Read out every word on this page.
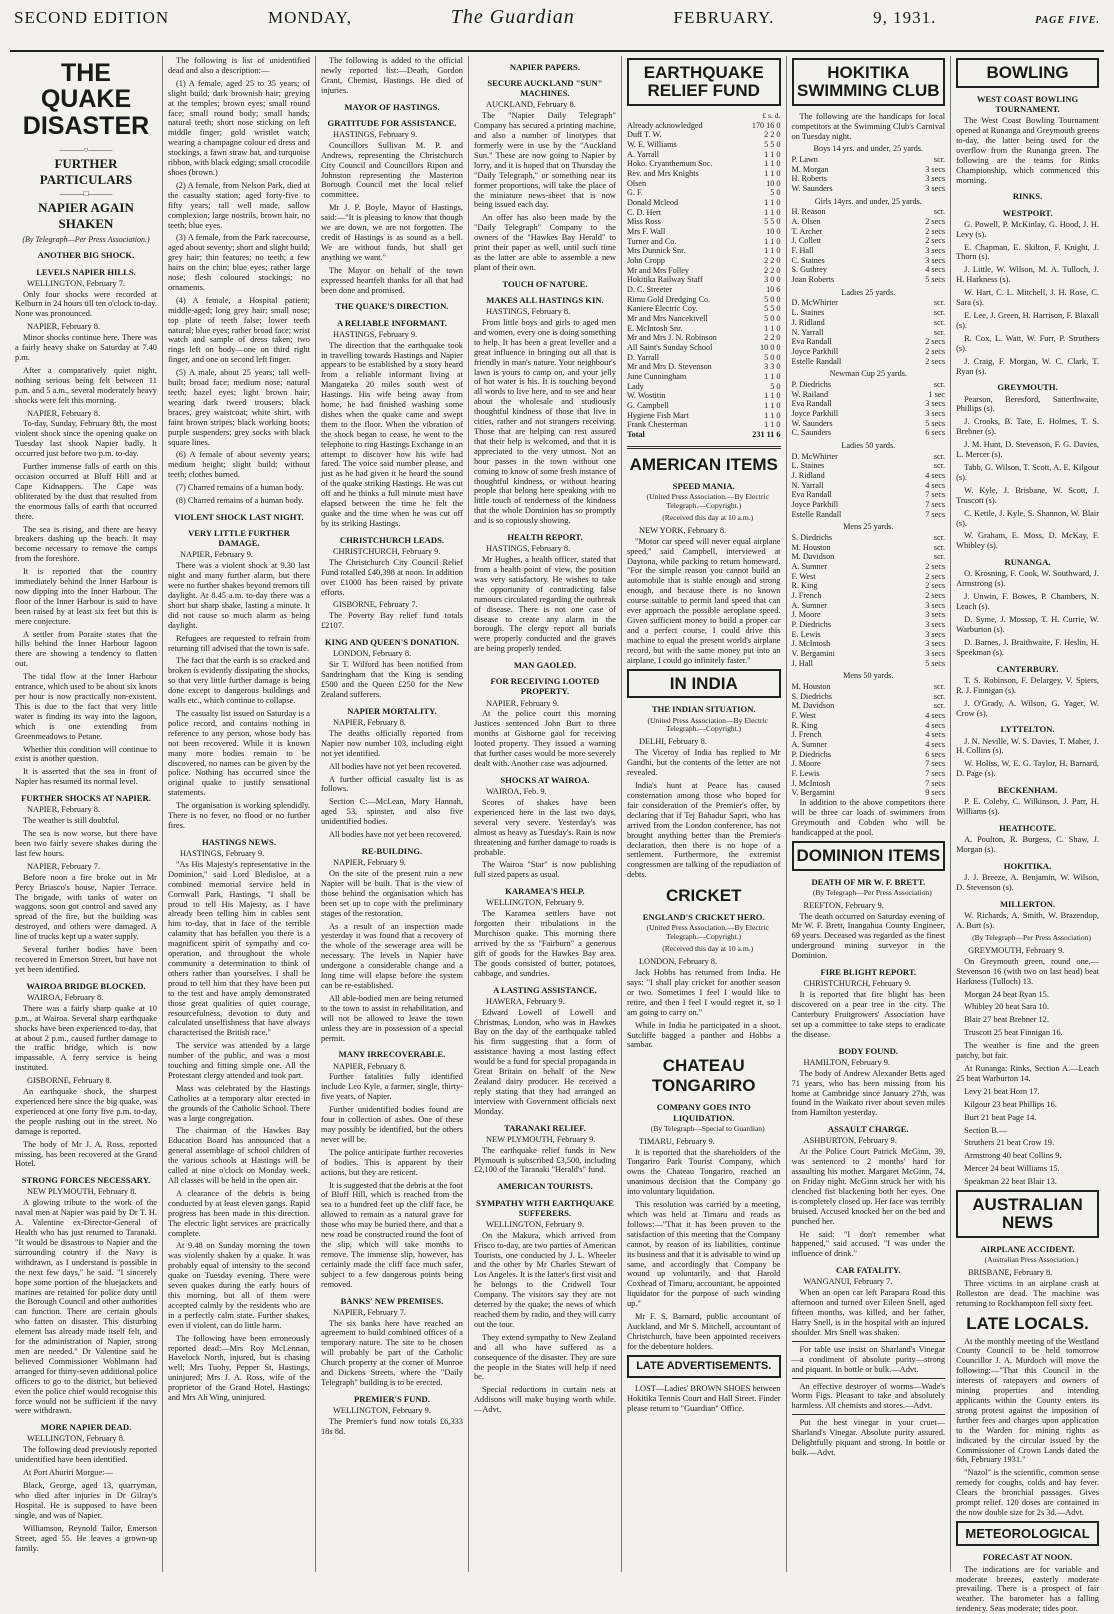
SECOND EDITION	MONDAY,	The Guardian	FEBRUARY.	9, 1931.	PAGE FIVE.
THE QUAKE DISASTER
———○———
FURTHER PARTICULARS
———□———
NAPIER AGAIN SHAKEN
(By Telegraph—Per Press Association.)
ANOTHER BIG SHOCK.
LEVELS NAPIER HILLS.

WELLINGTON, February 7.

Only four shocks were recorded at Kelburn in 24 hours till ten o'clock to-day. None was pronounced.

NAPIER, February 8.

Minor shocks continue here. There was a fairly heavy shake on Saturday at 7.40 p.m.

After a comparatively quiet night, nothing serious being felt between 11 p.m. and 5 a.m., several moderately heavy shocks were felt this morning.

NAPIER, February 8.

To-day, Sunday, February 8th, the most violent shock since the opening quake on Tuesday last shook Napier badly. It occurred just before two p.m. to-day.

Further immense falls of earth on this occasion occurred at Bluff Hill and at Cape Kidnappers. The Cape was obliterated by the dust that resulted from the enormous falls of earth that occurred there.

The sea is rising, and there are heavy breakers dashing up the beach. It may become necessary to remove the camps from the foreshore.

It is reported that the country immediately behind the Inner Harbour is now dipping into the Inner Harbour. The floor of the Inner Harbour is said to have been raised by at least six feet but this is mere conjecture.

A settler from Poraite states that the hills behind the Inner Harbour lagoon there are showing a tendency to flatten out.

The tidal flow at the Inner Harbour entrance, which used to be about six knots per hour is now practically non-existent. This is due to the fact that very little water is finding its way into the lagoon, which is one extending from Greenmeadows to Petane.

Whether this condition will continue to exist is another question.

It is asserted that the sea in front of Napier has resumed its normal level.

FURTHER SHOCKS AT NAPIER.

NAPIER, February 8.

The weather is still doubtful.

The sea is now worse, but there have been two fairly severe shakes during the last few hours.

NAPIER, February 7.

Before noon a fire broke out in Mr Percy Briasco's house, Napier Terrace. The brigade, with tanks of water on waggons, soon got control and saved any spread of the fire, but the building was destroyed, and others were damaged. A line of trucks kept up a water supply.

Several further bodies have been recovered in Emerson Street, but have not yet been identified.

WAIROA BRIDGE BLOCKED.

WAIROA, February 8.

There was a fairly sharp quake at 10 p.m., at Wairoa. Several sharp earthquake shocks have been experienced to-day, that at about 2 p.m., caused further damage to the traffic bridge, which is now impassable. A ferry service is being instituted.

GISBORNE, February 8.

An earthquake shock, the sharpest experienced here since the big quake, was experienced at one forty five p.m. to-day, the people rushing out in the street. No damage is reported.

The body of Mr J. A. Ross, reported missing, has been recovered at the Grand Hotel.

STRONG FORCES NECESSARY.

NEW PLYMOUTH, February 8.

A glowing tribute to the work of the naval men at Napier was paid by Dr T. H. A. Valentine ex-Director-General of Health who has just returned to Taranaki. "It would be disastrous to Napier and the surrounding country if the Navy is withdrawn, as I understand is possible in the next few days," he said. "I sincerely hope some portion of the bluejackets and marines are retained for police duty until the Borough Council and other authorities can function. There are certain ghouls who fatten on disaster. This disturbing element has already made itself felt, and for the administration of Napier, strong men are needed." Dr Valentine said he believed Commissioner Wohlmann had arranged for thirty-seven additional police officers to go to the district, but believed even the police chief would recognise this force would not be sufficient if the navy were withdrawn.

MORE NAPIER DEAD.

WELLINGTON, February 8.

The following dead previously reported unidentified have been identified.

At Port Ahuriri Morgue:—

Black, George, aged 13, quarryman, who died after injuries in Dr Gilray's Hospital. He is supposed to have been single, and was of Napier.

Williamson, Reynold Tailor, Emerson Street, aged 55. He leaves a grown-up family.

The following is list of unidentified dead and also a description:—

(1) A female, aged 25 to 35 years; of slight build; dark brownish hair; greying at the temples; brown eyes; small round face; small round body; small hands; natural teeth; short nose sticking on left middle finger; gold wristlet watch; wearing a champagne colour ed dress and stockings, a fawn straw hat, and turquoise ribbon, with black edging; small crocodile shoes (brown.)

(2) A female, from Nelson Park, died at the casualty station; aged forty-five to fifty years; tall well made, sallow complexion; large nostrils, brown hair, no teeth; blue eyes.

(3) A female, from the Park racecourse, aged about seventy; short and slight build; grey hair; thin features; no teeth; a few hairs on the chin; blue eyes; rather large nose; flesh coloured stockings; no ornaments.

(4) A female, a Hospital patient; middle-aged; long grey hair; small nose; top plate of teeth false; lower teeth natural; blue eyes; rather broad face; wrist watch and sample of dress taken; two rings left on body—one on third right finger, and one on second left finger.

(5) A male, about 25 years; tall well-built; broad face; medium nose; natural teeth; hazel eyes; light brown hair; wearing dark tweed trousers; black braces, grey waistcoat; white shirt, with faint brown stripes; black working boots; purple suspenders; grey socks with black square lines.

(6) A female of about seventy years; medium height; slight build; without teeth; clothes burned.

(7) Charred remains of a human body.

(8) Charred remains of a human body.

VIOLENT SHOCK LAST NIGHT.
VERY LITTLE FURTHER DAMAGE.

NAPIER, February 9.

There was a violent shock at 9.30 last night and many further alarm, but there were no further shakes beyond tremors till daylight. At 8.45 a.m. to-day there was a short but sharp shake, lasting a minute. It did not cause so much alarm as being daylight.

Refugees are requested to refrain from returning till advised that the town is safe.

The fact that the earth is so cracked and broken is evidently dissipating the shocks, so that very little further damage is being done except to dangerous buildings and walls etc., which continue to collapse.

The casualty list issued on Saturday is a police record, and contains nothing in reference to any person, whose body has not been recovered. While it is known many more bodies remain to be discovered, no names can be given by the police. Nothing has occurred since the original quake to justify sensational statements.

The organisation is working splendidly. There is no fever, no flood or no further fires.

HASTINGS NEWS.

HASTINGS, February 9.

"As His Majesty's representative in the Dominion," said Lord Bledisloe, at a combined memorial service held in Cornwall Park, Hastings, "I shall be proud to tell His Majesty, as I have already been telling him in cables sent him to-day, that in face of the terrible calamity that has befallen you there is a magnificent spirit of sympathy and co-operation, and throughout the whole community a determination to think of others rather than yourselves. I shall be proud to tell him that they have been put to the test and have amply demonstrated those great qualities of quiet courage, resourcefulness, devotion to duty and calculated unselfishness that have always characterised the British race."

The service was attended by a large number of the public, and was a most touching and fitting simple one. All the Protestant clergy attended and took part.

Mass was celebrated by the Hastings Catholics at a temporary altar erected in the grounds of the Catholic School. There was a large congregation.

The chairman of the Hawkes Bay Education Board has announced that a general assemblage of school children of the various schools at Hastings will be called at nine o'clock on Monday week. All classes will be held in the open air.

A clearance of the debris is being conducted by at least eleven gangs. Rapid progress has been made in this direction. The electric light services are practically complete.

At 9.48 on Sunday morning the town was violently shaken by a quake. It was probably equal of intensity to the second quake on Tuesday evening. There were seven quakes during the early hours of this morning, but all of them were accepted calmly by the residents who are in a perfectly calm state. Further shakes, even if violent, can do little harm.

The following have been erroneously reported dead:—Mrs Roy McLennan, Havelock North, injured, but is chasing well; Mrs Tuohy, Pepper St, Hastings, uninjured; Mrs J. A. Ross, wife of the proprietor of the Grand Hotel, Hastings; and Mrs Ah Wing, uninjured.

The following is added to the official newly reported list:—Death, Gordon Grant, Chemist, Hastings. He died of injuries.

MAYOR OF HASTINGS.
GRATITUDE FOR ASSISTANCE.

HASTINGS, February 9.

Councillors Sullivan M. P. and Andrews, representing the Christchurch City Council and Councillors Ripon and Johnston representing the Masterton Borough Council met the local relief committee.

Mr J. P. Boyle, Mayor of Hastings, said:—"It is pleasing to know that though we are down, we are not forgotten. The credit of Hastings is as sound as a bell. We are without funds, but shall get anything we want."

The Mayor on behalf of the town expressed heartfelt thanks for all that had been done and promised.

THE QUAKE'S DIRECTION.
A RELIABLE INFORMANT.

HASTINGS, February 9.

The direction that the earthquake took in travelling towards Hastings and Napier appears to be established by a story heard from a reliable informant living at Mangateka 20 miles south west of Hastings. His wife being away from home, he had finished washing some dishes when the quake came and swept them to the floor. When the vibration of the shock began to cease, he went to the telephone to ring Hastings Exchange in an attempt to discover how his wife had fared. The voice said number please, and just as he had given it he heard the sound of the quake striking Hastings. He was cut off and he thinks a full minute must have elapsed between the time he felt the quake and the time when he was cut off by its striking Hastings.

CHRISTCHURCH LEADS.

CHRISTCHURCH, February 9.

The Christchurch City Council Relief Fund totalled £40,398 at noon. In addition over £1000 has been raised by private efforts.

GISBORNE, February 7.

The Poverty Bay relief fund totals £2107.

KING AND QUEEN'S DONATION.

LONDON, February 8.

Sir T. Wilford has been notified from Sandringham that the King is sending £500 and the Queen £250 for the New Zealand sufferers.

NAPIER MORTALITY.

NAPIER, February 8.

The deaths officially reported from Napier now number 103, including eight not yet identified.

All bodies have not yet been recovered.

A further official casualty list is as follows.

Section C:—McLean, Mary Hannah, aged 53, spinster, and also five unidentified bodies.

All bodies have not yet been recovered.

RE-BUILDING.

NAPIER, February 9.

On the site of the present ruin a new Napier will be built. That is the view of those behind the organisation which has been set up to cope with the preliminary stages of the restoration.

As a result of an inspection made yesterday it was found that a recovery of the whole of the sewerage area will be necessary. The levels in Napier have undergone a considerable change and a long time will elapse before the system can be re-established.

All able-bodied men are being returned to the town to assist in rehabilitation, and will not be allowed to leave the town unless they are in possession of a special permit.

MANY IRRECOVERABLE.

NAPIER, February 8.

Further fatalities fully identified include Leo Kyle, a farmer, single, thirty-five years, of Napier.

Further unidentified bodies found are four in collection of ashes. One of these may possibly be identified, but the others never will be.

The police anticipate further recoveries of bodies. This is apparent by their actions, but they are reticent.

It is suggested that the debris at the foot of Bluff Hill, which is reached from the sea to a hundred feet up the cliff face, be allowed to remain as a natural grave for those who may be buried there, and that a new road be constructed round the foot of the slip, which will take months to remove. The immense slip, however, has certainly made the cliff face much safer, subject to a few dangerous points being removed.

BANKS' NEW PREMISES.

NAPIER, February 7.

The six banks here have reached an agreement to build combined offices of a temporary nature. The site to be chosen will probably be part of the Catholic Church property at the corner of Munroe and Dickens Streets, where the "Daily Telegraph" building is to be erected.

PREMIER'S FUND.

WELLINGTON, February 9.

The Premier's fund now totals £6,333 18s 8d.

NAPIER PAPERS.
SECURE AUCKLAND "SUN" MACHINES.

AUCKLAND, February 8.

The "Napier Daily Telegraph" Company has secured a printing machine, and also a number of linotypes that formerly were in use by the "Auckland Sun." These are now going to Napier by lorry, and it is hoped that on Thursday the "Daily Telegraph," or something near its former proportions, will take the place of the miniature news-sheet that is now being issued each day.

An offer has also been made by the "Daily Telegraph" Company to the owners of the "Hawkes Bay Herald" to print their paper as well, until such time as the latter are able to assemble a new plant of their own.

TOUCH OF NATURE.
MAKES ALL HASTINGS KIN.

HASTINGS, February 8.

From little boys and girls to aged men and women, every one is doing something to help. It has been a great leveller and a great influence in bringing out all that is friendly in man's nature. Your neighbour's lawn is yours to camp on, and your jelly of hot water is his. It is touching beyond all words to live here, and to see and hear about the wholesale and studiously thoughtful kindness of those that live in cities, rather and not strangers receiving. Those that are helping can rest assured that their help is welcomed, and that it is appreciated to the very utmost. Not an hour passes in the town without one coming to know of some fresh instance of thoughtful kindness, or without hearing people that belong here speaking with no little touch of tenderness of the kindness that the whole Dominion has so promptly and is so copiously showing.

HEALTH REPORT.

HASTINGS, February 8.

Mr Hughes, a health officer, stated that from a health point of view, the position was very satisfactory. He wishes to take the opportunity of contradicting false rumours circulated regarding the outbreak of disease. There is not one case of disease to create any alarm in the borough. The clergy report all burials were properly conducted and the graves are being properly tended.

MAN GAOLED.
FOR RECEIVING LOOTED PROPERTY.

NAPIER, February 9.

At the police court this morning Justices sentenced John Burt to three months at Gisborne gaol for receiving looted property. They issued a warning that further cases would be more severely dealt with. Another case was adjourned.

SHOCKS AT WAIROA.

WAIROA, Feb. 9.

Scores of shakes have been experienced here in the last two days, several very severe. Yesterday's was almost as heavy as Tuesday's. Rain is now threatening and further damage to roads is probable.

The Wairoa "Star" is now publishing full sized papers as usual.

KARAMEA'S HELP.

WELLINGTON, February 9.

The Karamea settlers have not forgotten their tribulations in the Murchison quake. This morning there arrived by the ss "Fairburn" a generous gift of goods for the Hawkes Bay area. The goods consisted of butter, potatoes, cabbage, and sundries.

A LASTING ASSISTANCE.

HAWERA, February 9.

Edward Lowell of Lowell and Christmas, London, who was in Hawkes Bay on the day of the earthquake tabled his firm suggesting that a form of assistance having a most lasting effect would be a fund for special propaganda in Great Britain on behalf of the New Zealand dairy producer. He received a reply stating that they had arranged an interview with Government officials next Monday.

TARANAKI RELIEF.

NEW PLYMOUTH, February 9.

The earthquake relief funds in New Plymouth is subscribed £3,500, including £2,100 of the Taranaki "Herald's" fund.

AMERICAN TOURISTS.
SYMPATHY WITH EARTHQUAKE SUFFERERS.

WELLINGTON, February 9.

On the Makura, which arrived from Frisco to-day, are two parties of American Tourists, one conducted by J. L. Wheeler and the other by Mr Charles Stewart of Los Angeles. It is the latter's first visit and he belongs to the Cridwell Tour Company. The visitors say they are not deterred by the quake; the news of which reached them by radio, and they will carry out the tour.

They extend sympathy to New Zealand and all who have suffered as a consequence of the disaster. They are sure the people in the States will help if need be.

Special reductions in curtain nets at Addisons will make buying worth while.—Advt.

EARTHQUAKE RELIEF FUND
£ s. d.
Already acknowledged	170 16 0
Duff T. W.	2 2 0
W. E. Williams	5 5 0
A. Yarrall	1 1 0
Hoko. Cryanthemum Soc.	1 1 0
Rev. and Mrs Knights	1 1 0
Olsen	10 0
G. F.	5 0
Donald Mcleod	1 1 0
C. D. Hert	1 1 0
Miss Ross	5 5 0
Mrs F. Wall	10 0
Turner and Co.	1 1 0
Mrs Dunnick Snr.	1 1 0
John Cropp	2 2 0
Mr and Mrs Folley	2 2 0
Hokitika Railway Staff	3 0 0
D. C. Streeter	10 6
Rimu Gold Dredging Co.	5 0 0
Kaniere Electric Coy.	5 5 0
Mr and Mrs Nancekivell	5 0 0
E. McIntosh Snr.	1 1 0
Mr and Mrs J. N. Robinson	2 2 0
All Saint's Sunday School	10 0 0
D. Yarrall	5 0 0
Mr and Mrs D. Stevenson	3 3 0
June Cunningham	1 1 0
Lady	5 0
W. Wostitin	1 1 0
G. Campbell	1 1 0
Hygiene Fish Mart	1 1 0
Frank Chesterman	1 1 0
Total	231 11 6
AMERICAN ITEMS
SPEED MANIA.

(United Press Association.—By Electric Telegraph.—Copyright.)

(Received this day at 10 a.m.)

NEW YORK, February 8.

"Motor car speed will never equal airplane speed," said Campbell, interviewed at Daytona, while packing to return homeward. "For the simple reason you cannot build an automobile that is stable enough and strong enough, and because there is no known course suitable to permit land speed that can ever approach the possible aeroplane speed. Given sufficient money to build a proper car and a perfect course, I could drive this machine to equal the present world's airplane record, but with the same money put into an airplane, I could go infinitely faster."

IN INDIA
THE INDIAN SITUATION.

(United Press Association—By Electric Telegraph.—Copyright.)

DELHI, February 8.

The Viceroy of India has replied to Mr Gandhi, but the contents of the letter are not revealed.

India's hunt at Peace has caused consternation among those who hoped for fair consideration of the Premier's offer, by declaring that if Tej Bahadur Sapri, who has arrived from the London conference, has not brought anything better than the Premier's declaration, then there is no hope of a settlement. Furthermore, the extremist congressmen are talking of the repudiation of debts.

CRICKET
ENGLAND'S CRICKET HERO.

(United Press Association.—By Electric Telegraph.—Copyright.)

(Received this day at 10 a.m.)

LONDON, February 8.

Jack Hobbs has returned from India. He says: "I shall play cricket for another season or two. Sometimes I feel I would like to retire, and then I feel I would regret it, so I am going to carry on."

While in India he participated in a shoot. Sutcliffe bagged a panther and Hobbs a sambar.

CHATEAU TONGARIRO
COMPANY GOES INTO LIQUIDATION.

(By Telegraph—Special to Guardian)

TIMARU, February 9.

It is reported that the shareholders of the Tongariro Park Tourist Company, which owns the Chateau Tongariro, reached an unanimous decision that the Company go into voluntary liquidation.

This resolution was carried by a meeting, which was held at Timaru and reads as follows:—"That it has been proven to the satisfaction of this meeting that the Company cannot, by reason of its liabilities, continue its business and that it is advisable to wind up same, and accordingly that Company be wound up voluntarily, and that Harold Coxhead of Timaru, accountant, be appointed liquidator for the purpose of such winding up."

Mr F. S. Barnard, public accountant of Auckland, and Mr S. Mitchell, accountant of Christchurch, have been appointed receivers for the debenture holders.

LATE ADVERTISEMENTS.

LOST—Ladies' BROWN SHOES between Hokitika Tennis Court and Hall Street. Finder please return to "Guardian" Office.

HOKITIKA SWIMMING CLUB

The following are the handicaps for local competitors at the Swimming Club's Carnival on Tuesday night.

Boys 14 yrs. and under, 25 yards.
P. Lawn	scr.
M. Morgan	3 secs
H. Roberts	3 secs
W. Saunders	3 secs
Girls 14yrs. and under, 25 yards.
H. Reason	scr.
A. Olsen	2 secs
T. Archer	2 secs
J. Collett	2 secs
F. Hall	3 secs
C. Staines	3 secs
S. Guthrey	4 secs
Joan Roberts	5 secs
Ladies 25 yards.
D. McWhirter	scr.
L. Staines	scr.
J. Ridland	scr.
N. Yarrall	scr.
Eva Randall	2 secs
Joyce Parkhill	2 secs
Estelle Randall	2 secs
Newman Cup 25 yards.
P. Diedrichs	scr.
W. Railand	1 sec
Eva Randall	3 secs
Joyce Parkhill	3 secs
W. Saunders	5 secs
C. Saunders	6 secs
Ladies 50 yards.
D. McWhirter	scr.
L. Staines	scr.
J. Ridland	4 secs
N. Yarrall	4 secs
Eva Randall	7 secs
Joyce Parkhill	7 secs
Estelle Randall	7 secs
Mens 25 yards.
S. Diedrichs	scr.
M. Houston	scr.
M. Davidson	scr.
A. Sumner	2 secs
F. West	2 secs
R. King	2 secs
J. French	2 secs
A. Sumner	3 secs
J. Moore	3 secs
P. Diedrichs	3 secs
E. Lewis	3 secs
J. McIntosh	3 secs
V. Bergamini	3 secs
J. Hall	5 secs
Mens 50 yards.
M. Houston	scr.
S. Diedrichs	scr.
M. Davidson	scr.
F. West	4 secs
R. King	4 secs
J. French	4 secs
A. Sumner	4 secs
P. Diedrichs	6 secs
J. Moore	7 secs
F. Lewis	7 secs
J. McIntosh	7 secs
V. Bergamini	9 secs

In addition to the above competitors there will be three car loads of swimmers from Greymouth and Cobden who will be handicapped at the pool.

DOMINION ITEMS
DEATH OF MR W. F. BRETT.

(By Telegraph—Per Press Association)

REEFTON, February 9.

The death occurred on Saturday evening of Mr W. F. Brett, Inangahua County Engineer, 69 years. Deceased was regarded as the finest underground mining surveyor in the Dominion.

FIRE BLIGHT REPORT.

CHRISTCHURCH, February 9.

It is reported that fire blight has been discovered on a pear tree in the city. The Canterbury Fruitgrowers' Association have set up a committee to take steps to eradicate the disease.

BODY FOUND.

HAMILTON, February 9.

The body of Andrew Alexander Betts aged 71 years, who has been missing from his home at Cambridge since January 27th, was found in the Waikato river about seven miles from Hamilton yesterday.

ASSAULT CHARGE.

ASHBURTON, February 9.

At the Police Court Patrick McGinn, 39, was sentenced to 2 months' hard for assaulting his mother. Margaret McGinn, 74, on Friday night. McGinn struck her with his clenched fist blackening both her eyes. One is completely closed up. Her face was terribly bruised. Accused knocked her on the bed and punched her.

He said: "I don't remember what happened," said accused. "I was under the influence of drink."

CAR FATALITY.

WANGANUI, February 7.

When an open car left Parapara Road this afternoon and turned over Eileen Snell, aged fifteen months, was killed, and her father, Harry Snell, is in the hospital with an injured shoulder. Mrs Snell was shaken.

For table use insist on Sharland's Vinegar—a condiment of absolute purity—strong and piquant. In bottle or bulk.—Advt.

An effective destroyer of worms—Wade's Worm Figs. Pleasant to take and absolutely harmless. All chemists and stores.—Advt.

Put the best vinegar in your cruet—Sharland's Vinegar. Absolute purity assured. Delightfully piquant and strong. In bottle or bulk.—Advt.

BOWLING
WEST COAST BOWLING TOURNAMENT.

The West Coast Bowling Tournament opened at Runanga and Greymouth greens to-day, the latter being used for the overflow from the Runanga green. The following are the teams for Rinks Championship, which commenced this morning.

RINKS.
WESTPORT.

G. Powell, P. McKinlay, G. Hood, J. H. Levy (s).

E. Chapman, E. Skilton, F. Knight, J. Thorn (s).

J. Little, W. Wilson, M. A. Tulloch, J. H. Harkness (s).

W. Hart, C. L. Mitchell, J. H. Rose, C. Sara (s).

E. Lee, J. Green, H. Harrison, F. Blaxall (s).

R. Cox, L. Watt, W. Furr, P. Struthers (s).

J. Craig, F. Morgan, W. C. Clark, T. Ryan (s).

GREYMOUTH.

Pearson, Beresford, Satterthwaite, Phillips (s).

J. Crooks, B. Tate, E. Holmes, T. S. Brebner (s).

J. M. Hunt, D. Stevenson, F. G. Davies, L. Mercer (s).

Tabb, G. Wilson, T. Scott, A. E. Kilgour (s).

W. Kyle, J. Brisbane, W. Scott, J. Truscott (s).

C. Kettle, J. Kyle, S. Shannon, W. Blair (s).

W. Graham, E. Moss, D. McKay, F. Whibley (s).

RUNANGA.

O. Krosning, F. Cook, W. Southward, J. Armstrong (s).

J. Unwin, F. Bowes, P. Chambers, N. Leach (s).

D. Syme, J. Mossop, T. H. Currie, W. Warburton (s).

D. Barnes, J. Braithwaite, F. Heslin, H. Speekman (s).

CANTERBURY.

T. S. Robinson, F. Delargey, V. Spiers, R. J. Finnigan (s).

J. O'Grady, A. Wilson, G. Yager, W. Crow (s).

LYTTELTON.

J. N. Neville, W. S. Davies, T. Maher, J. H. Collins (s).

W. Holiss, W. E. G. Taylor, H. Barnard, D. Page (s).

BECKENHAM.

P. E. Coleby, C. Wilkinson, J. Parr, H. Williams (s).

HEATHCOTE.

A. Poulton, R. Burgess, C. Shaw, J. Morgan (s).

HOKITIKA.

J. J. Breeze, A. Benjamin, W. Wilson, D. Stevenson (s).

MILLERTON.

W. Richards, A. Smith, W. Brazendop, A. Burt (s).

(By Telegraph—Per Press Association)

GREYMOUTH, February 9.

On Greymouth green, round one.—Stevenson 16 (with two on last head) beat Harkness (Tulloch) 13.

Morgan 24 beat Ryan 15.

Whibley 20 beat Sara 10.

Blair 27 beat Brebner 12.

Truscott 25 beat Finnigan 16.

The weather is fine and the green patchy, but fair.

At Runanga: Rinks, Section A.—Leach 25 beat Warburton 14.

Levy 21 beat Horn 17.

Kilgour 23 beat Phillips 16.

Burt 21 beat Page 14.

Section B.—

Struthers 21 beat Crow 19.

Armstrong 40 beat Collins 9.

Mercer 24 beat Williams 15.

Speakman 22 beat Blair 13.

AUSTRALIAN NEWS
AIRPLANE ACCIDENT.

(Australian Press Association.)

BRISBANE, February 8.

Three victims in an airplane crash at Rolleston are dead. The machine was returning to Rockhampton fell sixty feet.

LATE LOCALS.

At the monthly meeting of the Westland County Council to be held tomorrow Councillor J. A. Murdoch will move the following:—"That this Council in the interests of ratepayers and owners of mining properties and intending applicants within the County enters its strong protest against the imposition of further fees and charges upon application to the Warden for mining rights as indicated by the circular issued by the Commissioner of Crown Lands dated the 6th, February 1931."

"Nazol" is the scientific, common sense remedy for coughs, colds and hay fever. Clears the bronchial passages. Gives prompt relief. 120 doses are contained in the now double size for 2s 3d.—Advt.

METEOROLOGICAL
FORECAST AT NOON.

The indications are for variable and moderate breezes, easterly moderate prevailing. There is a prospect of fair weather. The barometer has a falling tendency. Seas moderate; tides poor.
